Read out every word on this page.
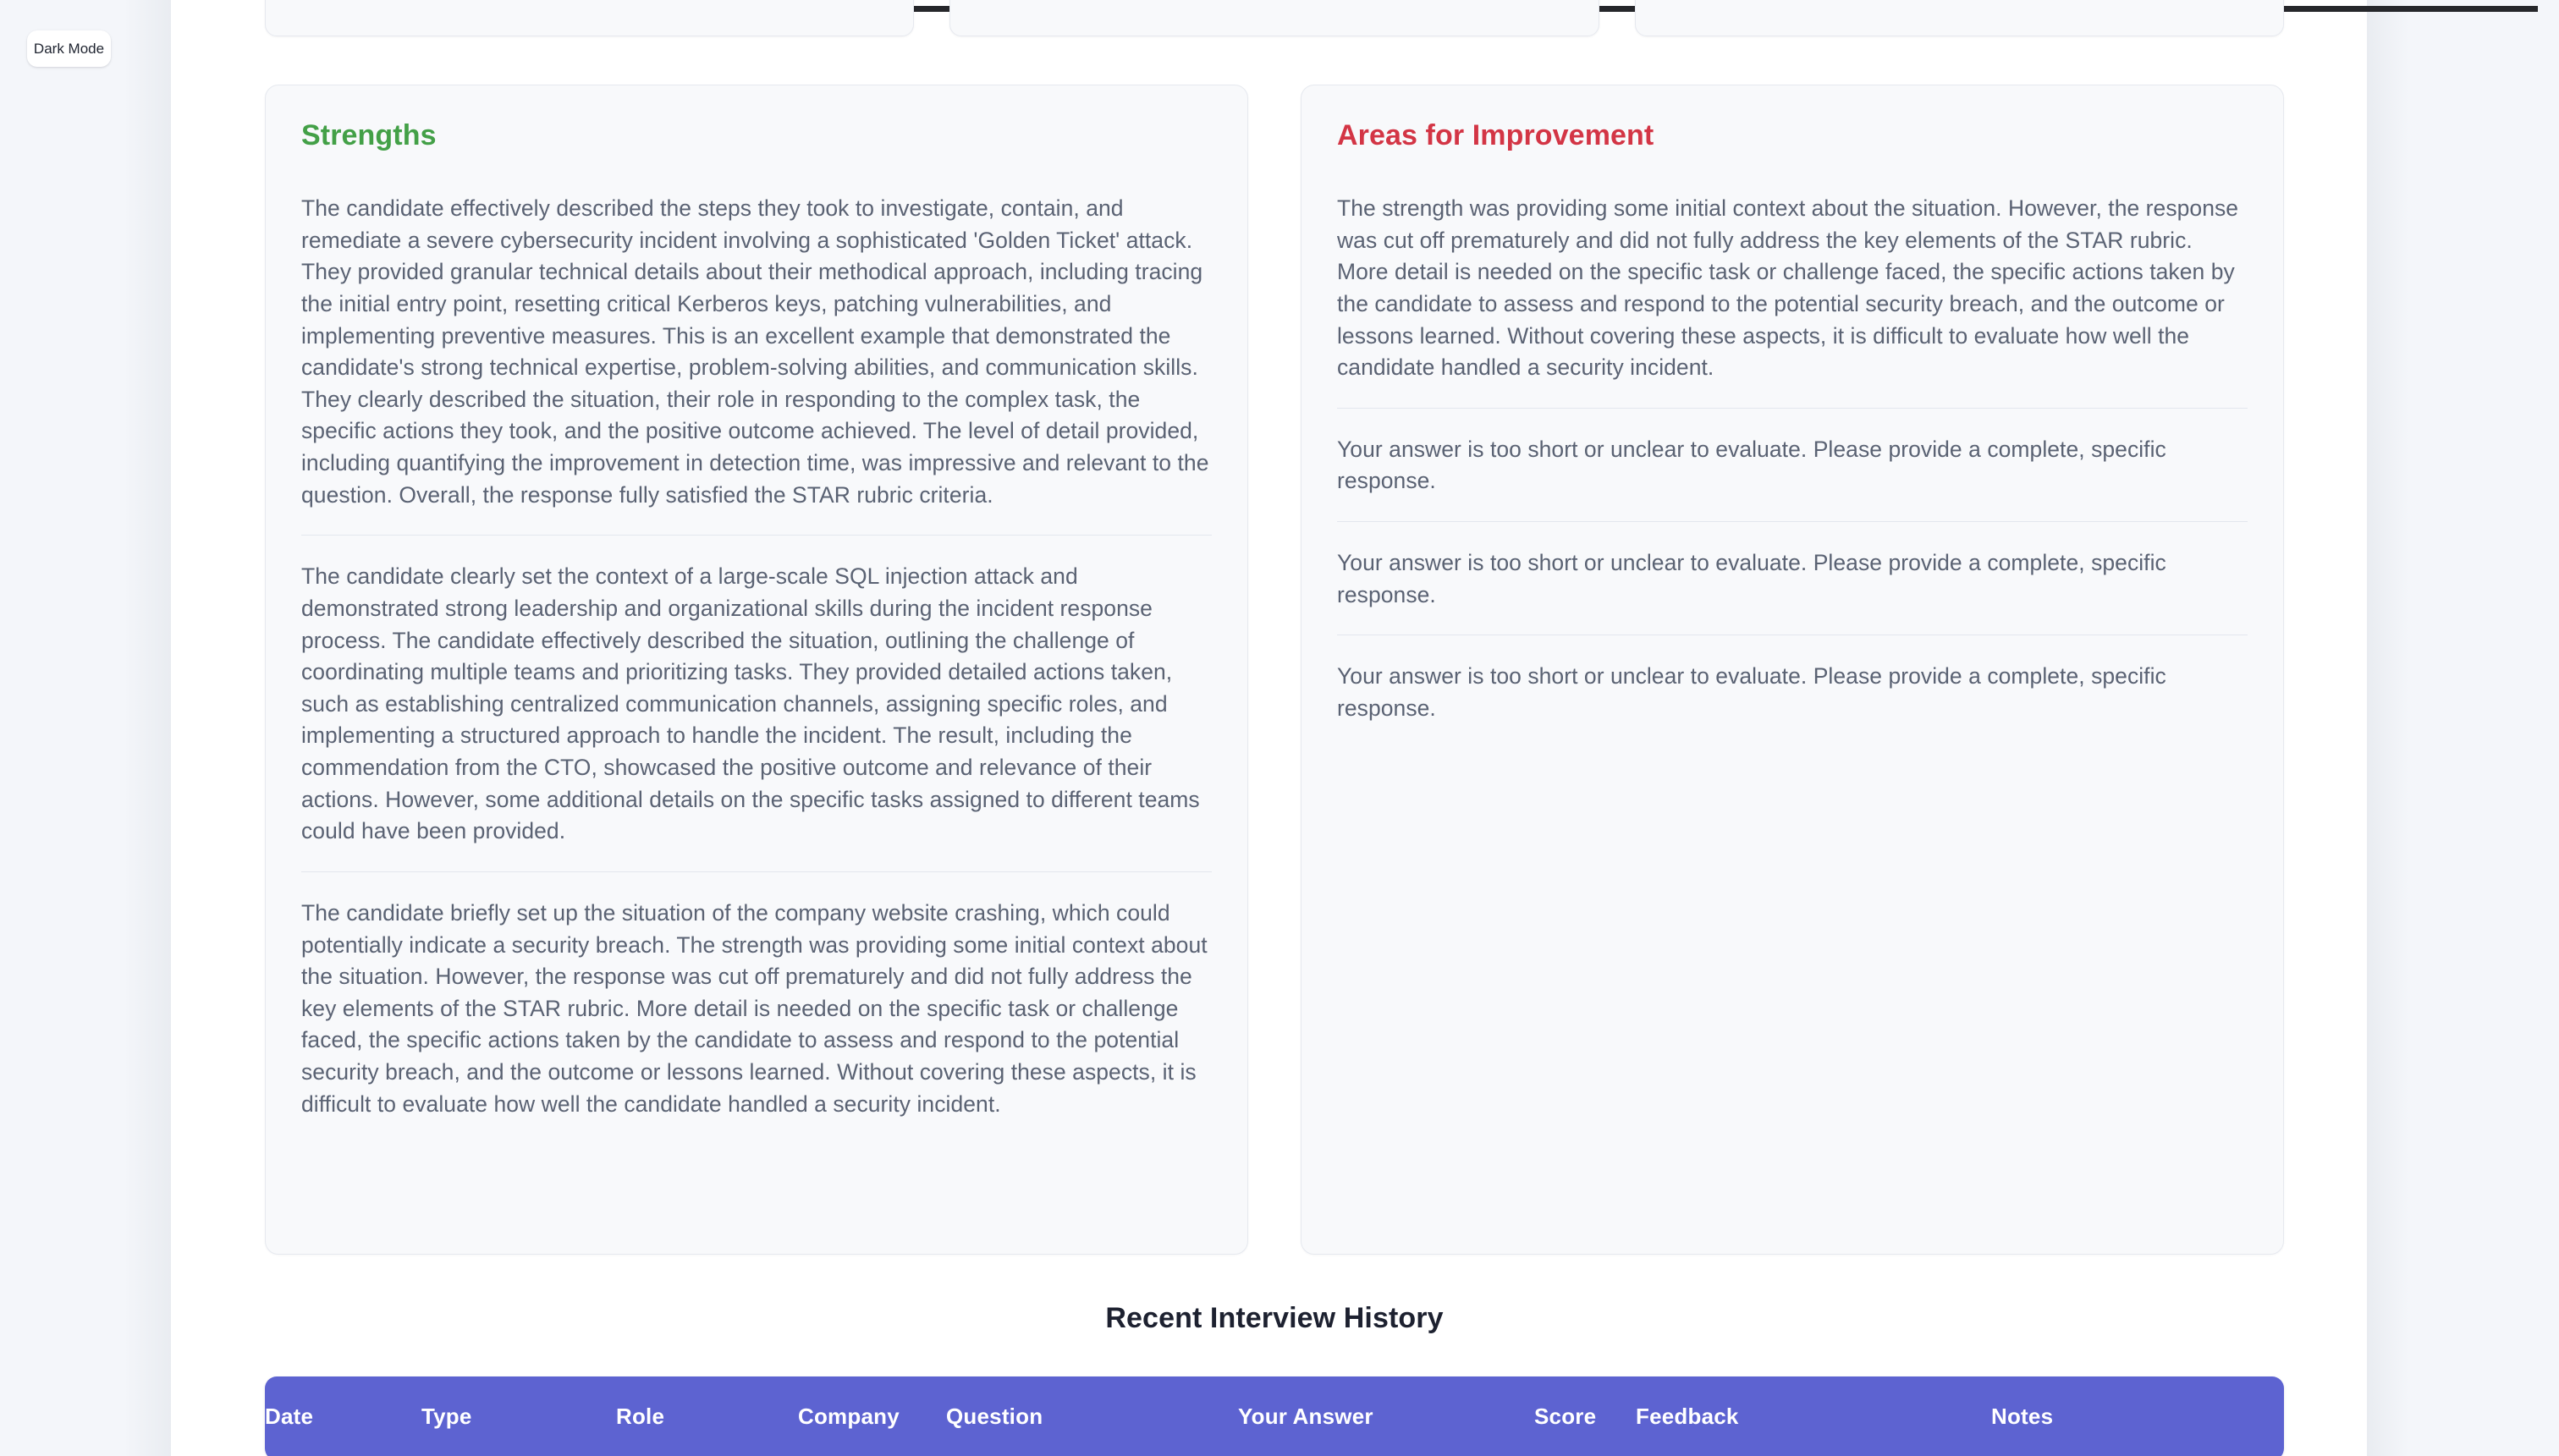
Strengths

The candidate effectively described the steps they took to investigate, contain, and remediate a severe cybersecurity incident involving a sophisticated 'Golden Ticket' attack. They provided granular technical details about their methodical approach, including tracing the initial entry point, resetting critical Kerberos keys, patching vulnerabilities, and implementing preventive measures. This is an excellent example that demonstrated the candidate's strong technical expertise, problem-solving abilities, and communication skills. They clearly described the situation, their role in responding to the complex task, the specific actions they took, and the positive outcome achieved. The level of detail provided, including quantifying the improvement in detection time, was impressive and relevant to the question. Overall, the response fully satisfied the STAR rubric criteria.

The candidate clearly set the context of a large-scale SQL injection attack and demonstrated strong leadership and organizational skills during the incident response process. The candidate effectively described the situation, outlining the challenge of coordinating multiple teams and prioritizing tasks. They provided detailed actions taken, such as establishing centralized communication channels, assigning specific roles, and implementing a structured approach to handle the incident. The result, including the commendation from the CTO, showcased the positive outcome and relevance of their actions. However, some additional details on the specific tasks assigned to different teams could have been provided.

The candidate briefly set up the situation of the company website crashing, which could potentially indicate a security breach. The strength was providing some initial context about the situation. However, the response was cut off prematurely and did not fully address the key elements of the STAR rubric. More detail is needed on the specific task or challenge faced, the specific actions taken by the candidate to assess and respond to the potential security breach, and the outcome or lessons learned. Without covering these aspects, it is difficult to evaluate how well the candidate handled a security incident.

Areas for Improvement

The strength was providing some initial context about the situation. However, the response was cut off prematurely and did not fully address the key elements of the STAR rubric. More detail is needed on the specific task or challenge faced, the specific actions taken by the candidate to assess and respond to the potential security breach, and the outcome or lessons learned. Without covering these aspects, it is difficult to evaluate how well the candidate handled a security incident.

Your answer is too short or unclear to evaluate. Please provide a complete, specific response.

Your answer is too short or unclear to evaluate. Please provide a complete, specific response.

Your answer is too short or unclear to evaluate. Please provide a complete, specific response.

Recent Interview History
Date	Type	Role	Company	Question	Your Answer	Score	Feedback	Notes
Dark Mode
